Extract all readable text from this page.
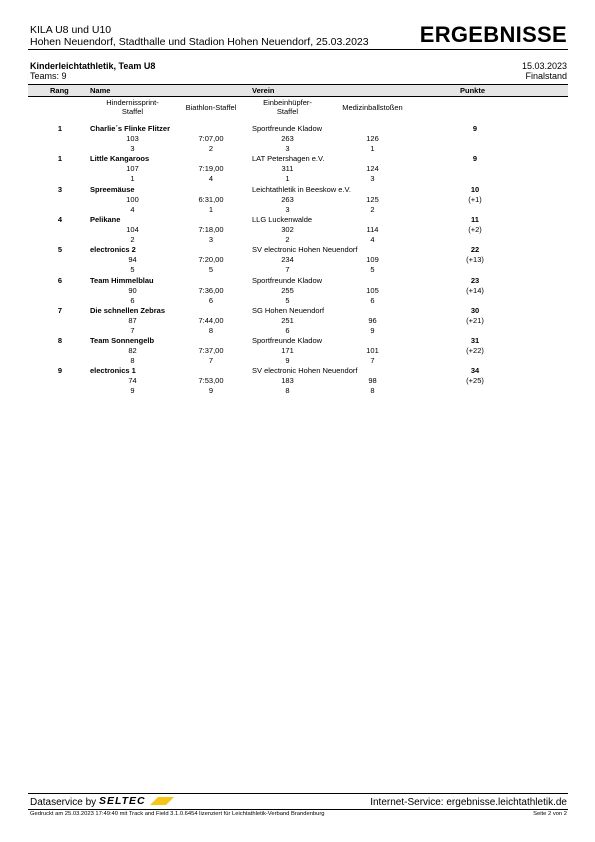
KILA U8 und U10
Hohen Neuendorf, Stadthalle und Stadion Hohen Neuendorf, 25.03.2023 ERGEBNISSE
Kinderleichtathletik, Team U8	15.03.2023
Teams: 9	Finalstand
Rang	Name	Verein	Punkte
Hindernissprint-
Staffel	Biathlon-Staffel
Einbeinhüpfer-
Staffel	Medizinballstoßen
1	Charlie´s Flinke Flitzer	Sportfreunde Kladow	9
103	7:07,00	263	126
3	2	3	1
1	Little Kangaroos	LAT Petershagen e.V.	9
107	7:19,00	311	124
1	4	1	3
3	Spreemäuse	Leichtathletik in Beeskow e.V.	10
100	6:31,00	263	125	(+1)
4	1	3	2
4	Pelikane	LLG Luckenwalde	11
104	7:18,00	302	114	(+2)
2	3	2	4
5	electronics 2	SV electronic Hohen Neuendorf	22
94	7:20,00	234	109	(+13)
5	5	7	5
6	Team Himmelblau	Sportfreunde Kladow	23
90	7:36,00	255	105	(+14)
6	6	5	6
7	Die schnellen Zebras	SG Hohen Neuendorf	30
87	7:44,00	251	96	(+21)
7	8	6	9
8	Team Sonnengelb	Sportfreunde Kladow	31
82	7:37,00	171	101	(+22)
8	7	9	7
9	electronics 1	SV electronic Hohen Neuendorf	34
74	7:53,00	183	98	(+25)
9	9	8	8
Dataservice by SELTEC	Internet-Service: ergebnisse.leichtathletik.de
Gedruckt am 25.03.2023 17:49:40 mit Track and Field 3.1.0.6454 lizenziert für Leichtathletik-Verband Brandenburg	Seite 2 von 2
